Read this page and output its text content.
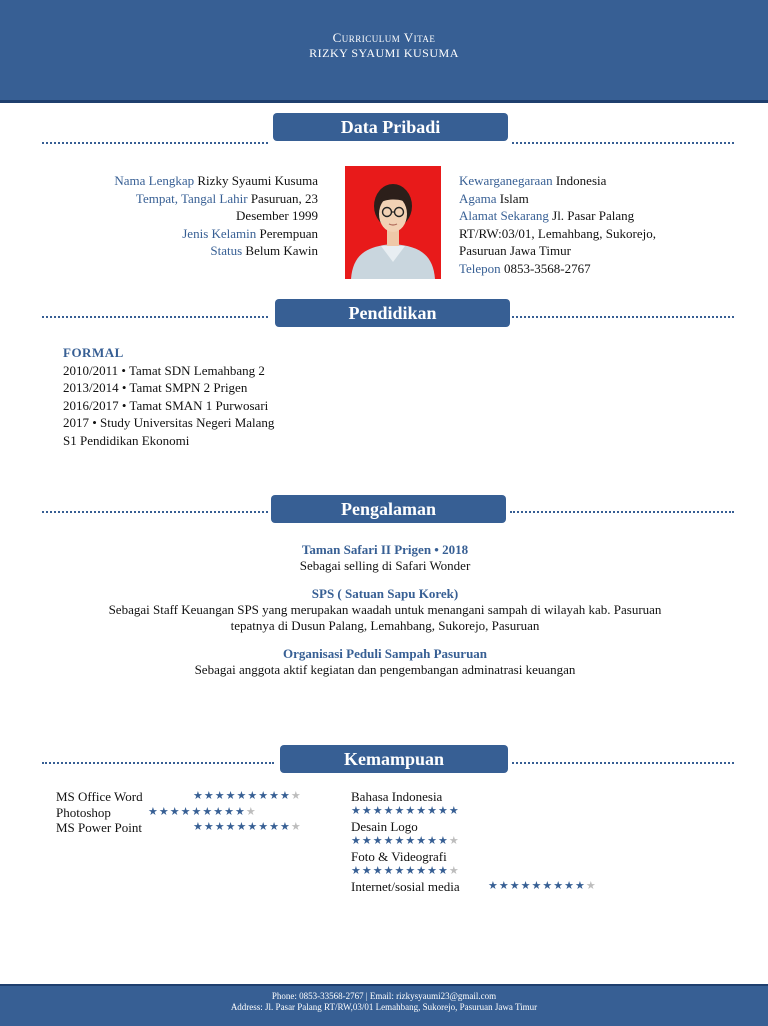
Curriculum Vitae
RIZKY SYAUMI KUSUMA
Data Pribadi
Nama Lengkap Rizky Syaumi Kusuma
Tempat, Tangal Lahir Pasuruan, 23
Desember 1999
Jenis Kelamin Perempuan
Status Belum Kawin
Kewarganegaraan Indonesia
Agama Islam
Alamat Sekarang Jl. Pasar Palang
RT/RW:03/01, Lemahbang, Sukorejo,
Pasuruan Jawa Timur
Telepon 0853-3568-2767
Pendidikan
FORMAL
2010/2011 • Tamat SDN Lemahbang 2
2013/2014 • Tamat SMPN 2 Prigen
2016/2017 • Tamat SMAN 1 Purwosari
2017 • Study Universitas Negeri Malang
S1 Pendidikan Ekonomi
Pengalaman
Taman Safari II Prigen • 2018
Sebagai selling di Safari Wonder
SPS ( Satuan Sapu Korek)
Sebagai Staff Keuangan SPS yang merupakan waadah untuk menangani sampah di wilayah kab. Pasuruan
tepatnya di Dusun Palang, Lemahbang, Sukorejo, Pasuruan
Organisasi Peduli Sampah Pasuruan
Sebagai anggota aktif kegiatan dan pengembangan adminatrasi keuangan
Kemampuan
MS Office Word	★★★★★★★★★★
Photoshop	★★★★★★★★★★
MS Power Point	★★★★★★★★★★
Bahasa Indonesia
★★★★★★★★★★
Desain Logo
★★★★★★★★★★
Foto & Videografi
★★★★★★★★★★
Internet/sosial media	★★★★★★★★★★
Phone: 0853-33568-2767 | Email: rizkysyaumi23@gmail.com
Address: Jl. Pasar Palang RT/RW,03/01 Lemahbang, Sukorejo, Pasuruan Jawa Timur
